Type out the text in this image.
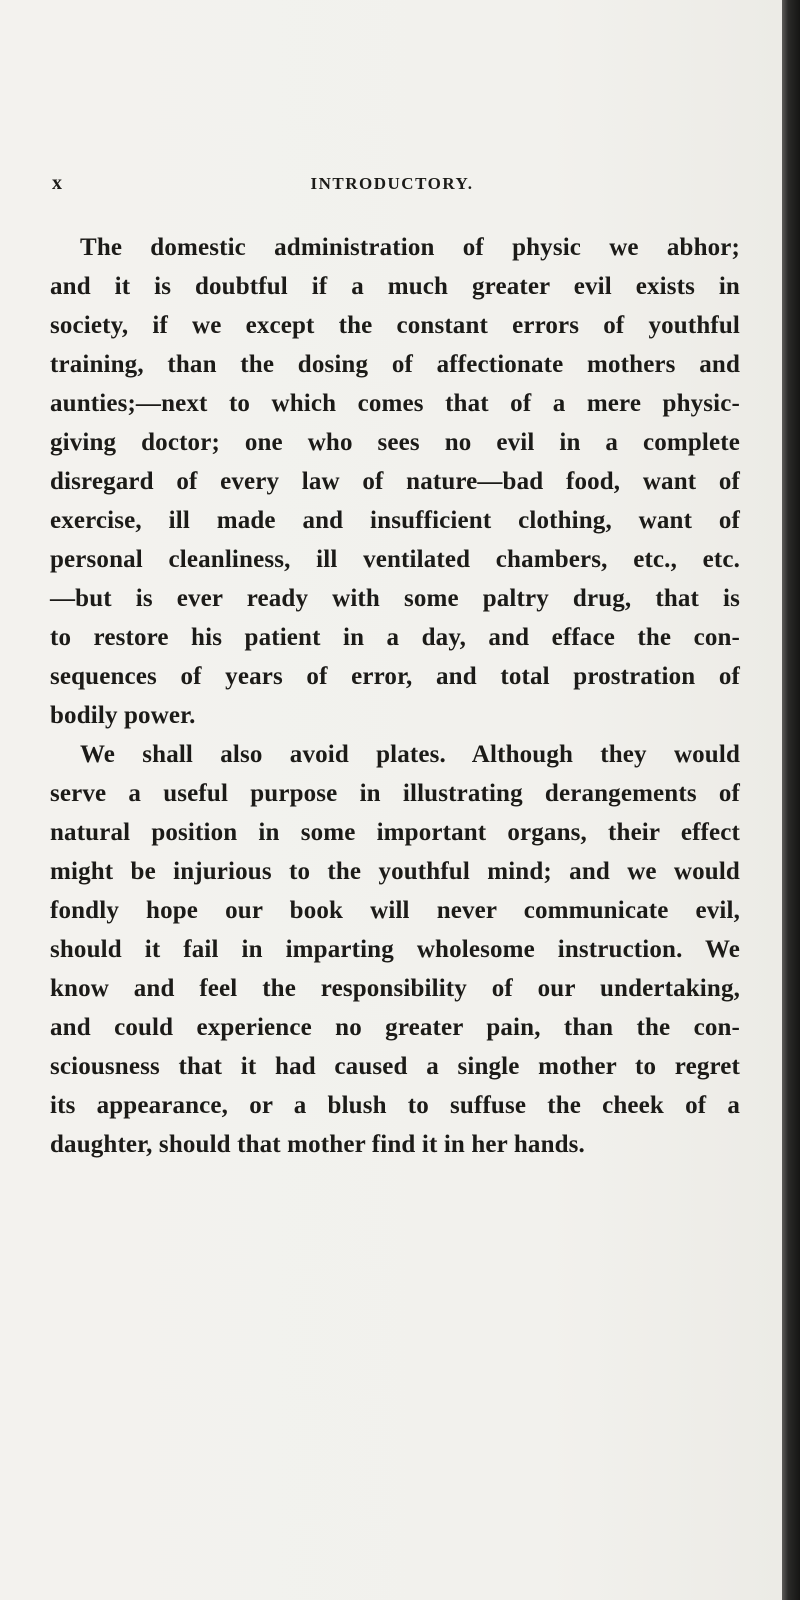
x	INTRODUCTORY.
The domestic administration of physic we abhor;
and it is doubtful if a much greater evil exists in
society, if we except the constant errors of youthful
training, than the dosing of affectionate mothers and
aunties;—next to which comes that of a mere physic-
giving doctor; one who sees no evil in a complete
disregard of every law of nature—bad food, want of
exercise, ill made and insufficient clothing, want of
personal cleanliness, ill ventilated chambers, etc., etc.
—but is ever ready with some paltry drug, that is
to restore his patient in a day, and efface the con-
sequences of years of error, and total prostration of
bodily power.
We shall also avoid plates. Although they would
serve a useful purpose in illustrating derangements of
natural position in some important organs, their effect
might be injurious to the youthful mind; and we would
fondly hope our book will never communicate evil,
should it fail in imparting wholesome instruction. We
know and feel the responsibility of our undertaking,
and could experience no greater pain, than the con-
sciousness that it had caused a single mother to regret
its appearance, or a blush to suffuse the cheek of a
daughter, should that mother find it in her hands.
